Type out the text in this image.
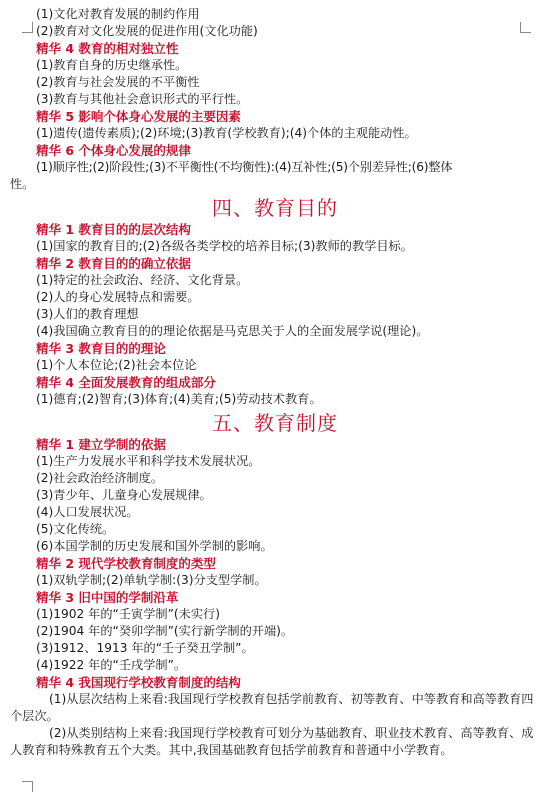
(1)文化对教育发展的制约作用
(2)教育对文化发展的促进作用(文化功能)
精华 4 教育的相对独立性
(1)教育自身的历史继承性。
(2)教育与社会发展的不平衡性
(3)教育与其他社会意识形式的平行性。
精华 5 影响个体身心发展的主要因素
(1)遗传(遗传素质);(2)环境;(3)教育(学校教育);(4)个体的主观能动性。
精华 6 个体身心发展的规律
(1)顺序性;(2)阶段性;(3)不平衡性(不均衡性):(4)互补性;(5)个别差异性;(6)整体
性。
四、教育目的
精华 1 教育目的的层次结构
(1)国家的教育目的;(2)各级各类学校的培养目标;(3)教师的教学目标。
精华 2 教育目的的确立依据
(1)特定的社会政治、经济、文化背景。
(2)人的身心发展特点和需要。
(3)人们的教育理想
(4)我国确立教育目的的理论依据是马克思关于人的全面发展学说(理论)。
精华 3 教育目的的理论
(1)个人本位论;(2)社会本位论
精华 4 全面发展教育的组成部分
(1)德育;(2)智育;(3)体育;(4)美育;(5)劳动技术教育。
五、教育制度
精华 1 建立学制的依据
(1)生产力发展水平和科学技术发展状况。
(2)社会政治经济制度。
(3)青少年、儿童身心发展规律。
(4)人口发展状况。
(5)文化传统。
(6)本国学制的历史发展和国外学制的影响。
精华 2 现代学校教育制度的类型
(1)双轨学制;(2)单轨学制:(3)分支型学制。
精华 3 旧中国的学制沿革
(1)1902 年的“壬寅学制”(未实行)
(2)1904 年的“癸卯学制”(实行新学制的开端)。
(3)1912、1913 年的“壬子癸丑学制”。
(4)1922 年的“壬戌学制”。
精华 4 我国现行学校教育制度的结构
(1)从层次结构上来看:我国现行学校教育包括学前教育、初等教育、中等教育和高等教育四个层次。
(2)从类别结构上来看:我国现行学校教育可划分为基础教育、职业技术教育、高等教育、成人教育和特殊教育五个大类。其中,我国基础教育包括学前教育和普通中小学教育。
